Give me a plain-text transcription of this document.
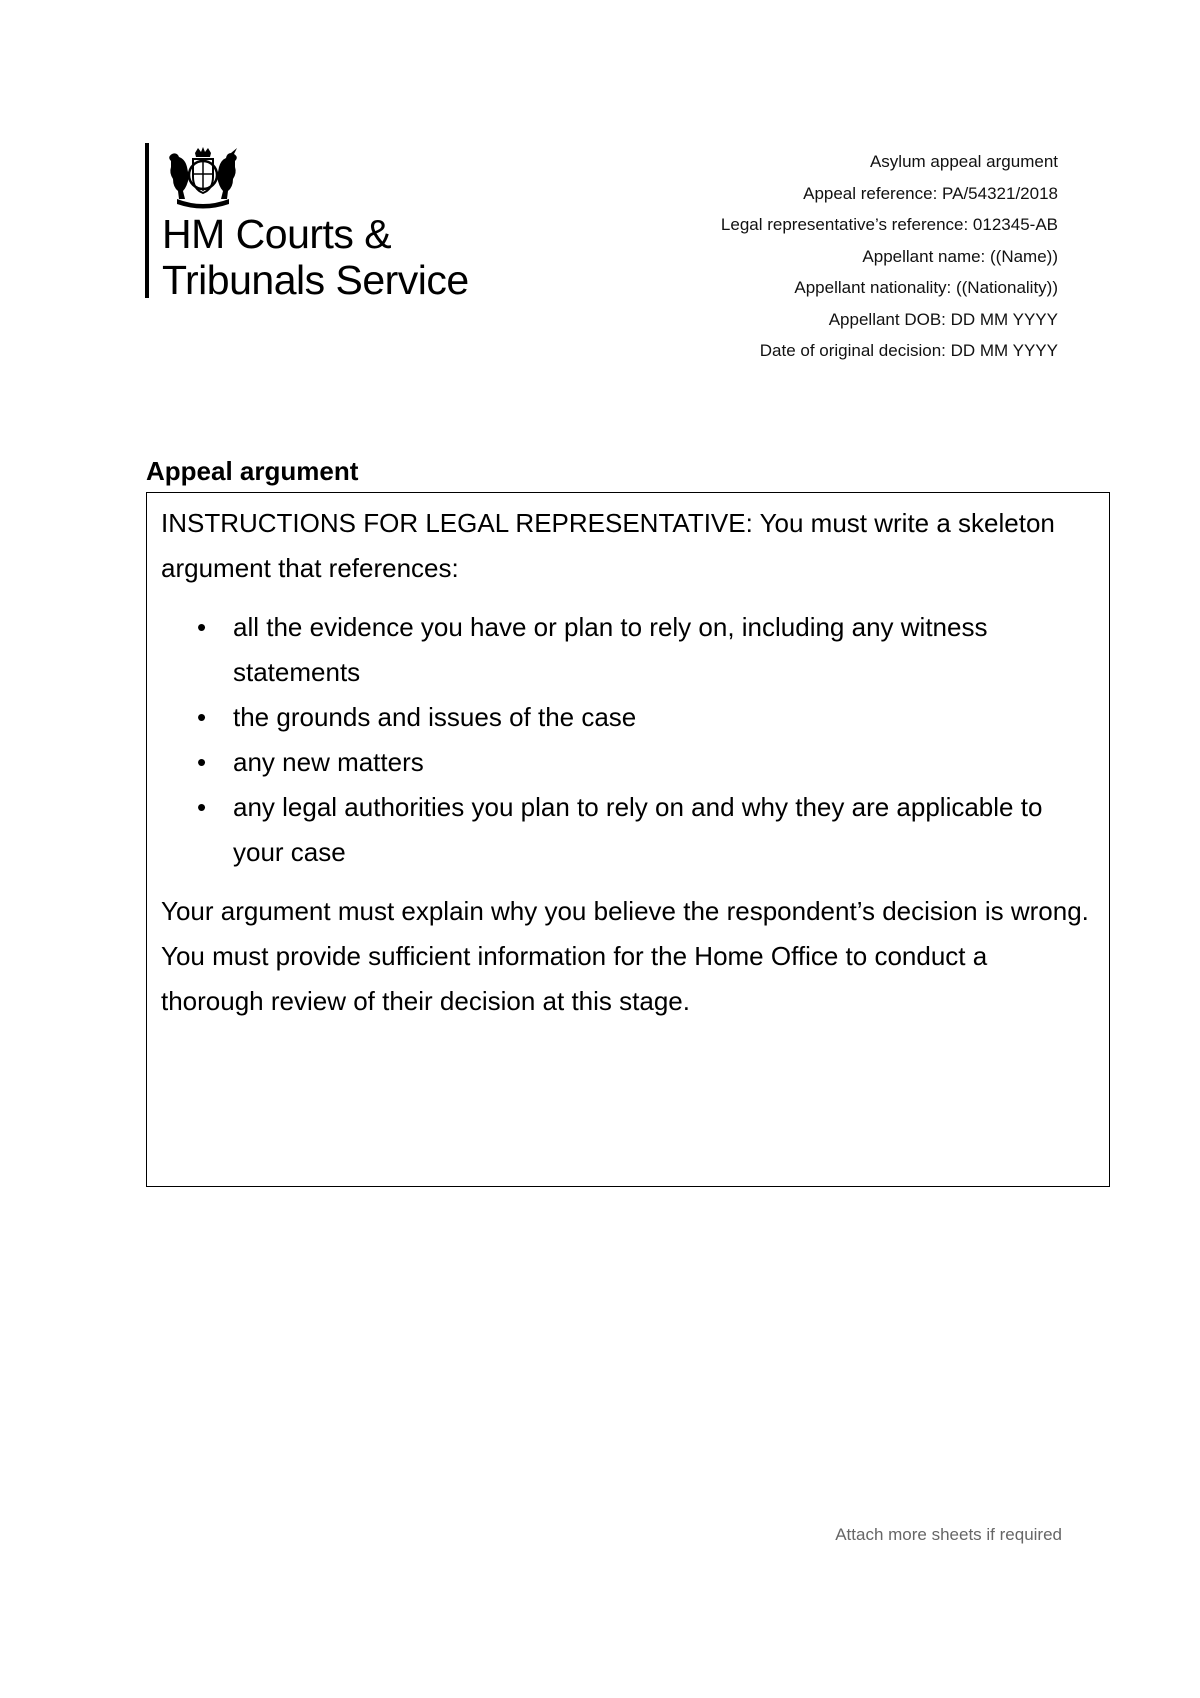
HM Courts &
Tribunals Service
Asylum appeal argument
Appeal reference: PA/54321/2018
Legal representative’s reference: 012345-AB
Appellant name: ((Name))
Appellant nationality: ((Nationality))
Appellant DOB: DD MM YYYY
Date of original decision: DD MM YYYY
Appeal argument

INSTRUCTIONS FOR LEGAL REPRESENTATIVE: You must write a skeleton argument that references:

•	all the evidence you have or plan to rely on, including any witness statements
•	the grounds and issues of the case
•	any new matters
•	any legal authorities you plan to rely on and why they are applicable to your case

Your argument must explain why you believe the respondent’s decision is wrong. You must provide sufficient information for the Home Office to conduct a thorough review of their decision at this stage.

Attach more sheets if required
